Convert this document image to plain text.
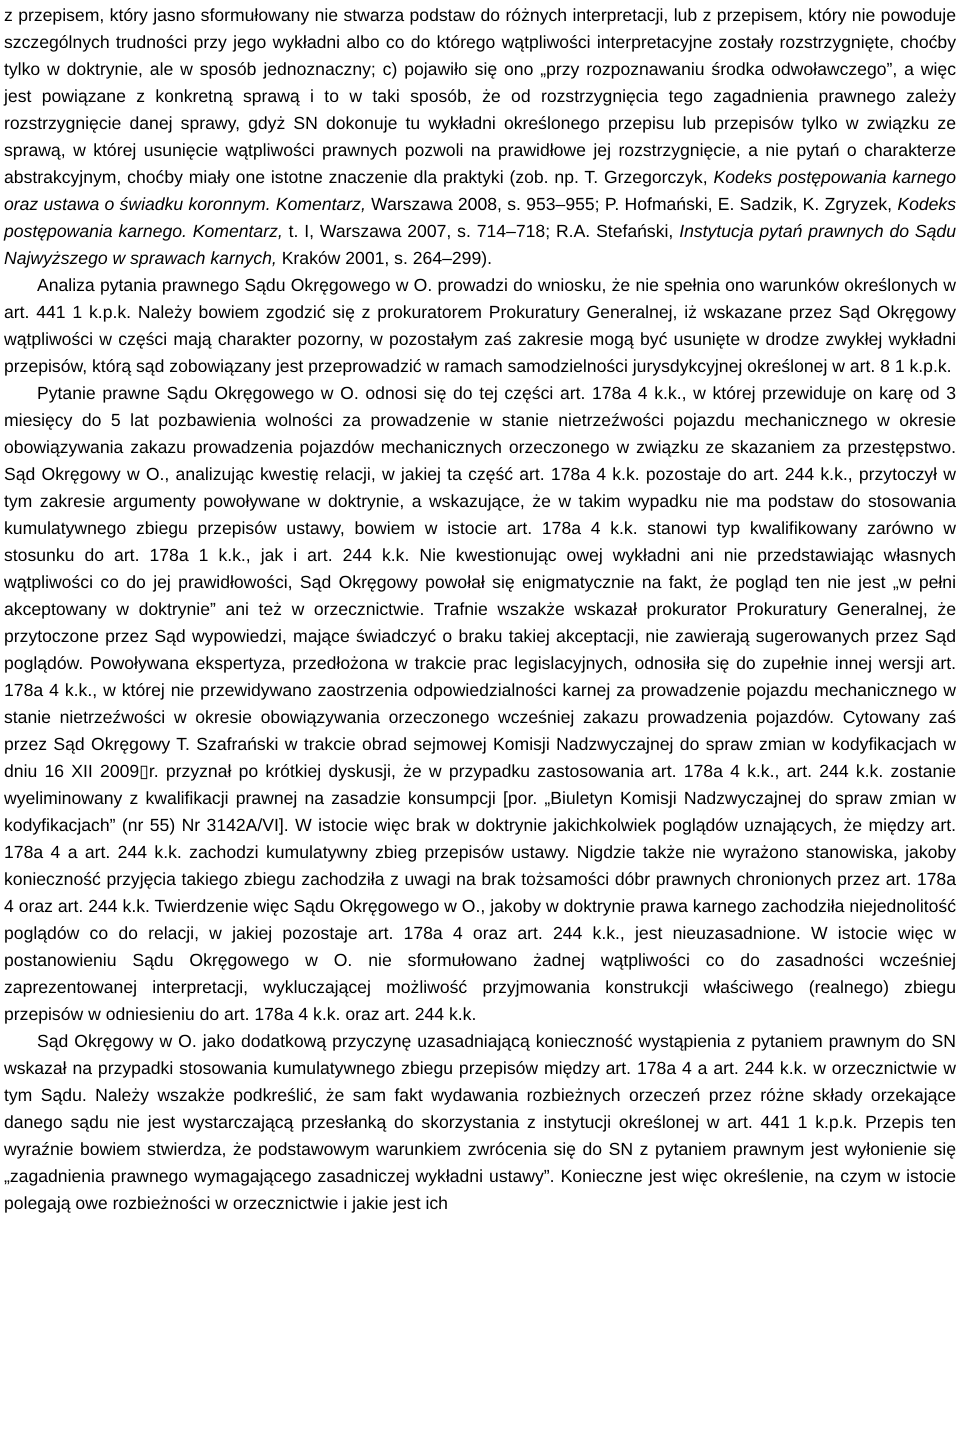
z przepisem, który jasno sformułowany nie stwarza podstaw do różnych interpretacji, lub z przepisem, który nie powoduje szczególnych trudności przy jego wykładni albo co do którego wątpliwości interpretacyjne zostały rozstrzygnięte, choćby tylko w doktrynie, ale w sposób jednoznaczny; c) pojawiło się ono „przy rozpoznawaniu środka odwoławczego”, a więc jest powiązane z konkretną sprawą i to w taki sposób, że od rozstrzygnięcia tego zagadnienia prawnego zależy rozstrzygnięcie danej sprawy, gdyż SN dokonuje tu wykładni określonego przepisu lub przepisów tylko w związku ze sprawą, w której usunięcie wątpliwości prawnych pozwoli na prawidłowe jej rozstrzygnięcie, a nie pytań o charakterze abstrakcyjnym, choćby miały one istotne znaczenie dla praktyki (zob. np. T. Grzegorczyk, Kodeks postępowania karnego oraz ustawa o świadku koronnym. Komentarz, Warszawa 2008, s. 953–955; P. Hofmański, E. Sadzik, K. Zgryzek, Kodeks postępowania karnego. Komentarz, t. I, Warszawa 2007, s. 714–718; R.A. Stefański, Instytucja pytań prawnych do Sądu Najwyższego w sprawach karnych, Kraków 2001, s. 264–299).

Analiza pytania prawnego Sądu Okręgowego w O. prowadzi do wniosku, że nie spełnia ono warunków określonych w art. 441 1 k.p.k. Należy bowiem zgodzić się z prokuratorem Prokuratury Generalnej, iż wskazane przez Sąd Okręgowy wątpliwości w części mają charakter pozorny, w pozostałym zaś zakresie mogą być usunięte w drodze zwykłej wykładni przepisów, którą sąd zobowiązany jest przeprowadzić w ramach samodzielności jurysdykcyjnej określonej w art. 8 1 k.p.k.

Pytanie prawne Sądu Okręgowego w O. odnosi się do tej części art. 178a 4 k.k., w której przewiduje on karę od 3 miesięcy do 5 lat pozbawienia wolności za prowadzenie w stanie nietrzeźwości pojazdu mechanicznego w okresie obowiązywania zakazu prowadzenia pojazdów mechanicznych orzeczonego w związku ze skazaniem za przestępstwo. Sąd Okręgowy w O., analizując kwestię relacji, w jakiej ta część art. 178a 4 k.k. pozostaje do art. 244 k.k., przytoczył w tym zakresie argumenty powoływane w doktrynie, a wskazujące, że w takim wypadku nie ma podstaw do stosowania kumulatywnego zbiegu przepisów ustawy, bowiem w istocie art. 178a 4 k.k. stanowi typ kwalifikowany zarówno w stosunku do art. 178a 1 k.k., jak i art. 244 k.k. Nie kwestionując owej wykładni ani nie przedstawiając własnych wątpliwości co do jej prawidłowości, Sąd Okręgowy powołał się enigmatycznie na fakt, że pogląd ten nie jest „w pełni akceptowany w doktrynie” ani też w orzecznictwie. Trafnie wszakże wskazał prokurator Prokuratury Generalnej, że przytoczone przez Sąd wypowiedzi, mające świadczyć o braku takiej akceptacji, nie zawierają sugerowanych przez Sąd poglądów. Powoływana ekspertyza, przedłożona w trakcie prac legislacyjnych, odnosiła się do zupełnie innej wersji art. 178a 4 k.k., w której nie przewidywano zaostrzenia odpowiedzialności karnej za prowadzenie pojazdu mechanicznego w stanie nietrzeźwości w okresie obowiązywania orzeczonego wcześniej zakazu prowadzenia pojazdów. Cytowany zaś przez Sąd Okręgowy T. Szafrański w trakcie obrad sejmowej Komisji Nadzwyczajnej do spraw zmian w kodyfikacjach w dniu 16 XII 2009▯r. przyznał po krótkiej dyskusji, że w przypadku zastosowania art. 178a 4 k.k., art. 244 k.k. zostanie wyeliminowany z kwalifikacji prawnej na zasadzie konsumpcji [por. „Biuletyn Komisji Nadzwyczajnej do spraw zmian w kodyfikacjach” (nr 55) Nr 3142A/VI]. W istocie więc brak w doktrynie jakichkolwiek poglądów uznających, że między art. 178a 4 a art. 244 k.k. zachodzi kumulatywny zbieg przepisów ustawy. Nigdzie także nie wyrażono stanowiska, jakoby konieczność przyjęcia takiego zbiegu zachodziła z uwagi na brak tożsamości dóbr prawnych chronionych przez art. 178a 4 oraz art. 244 k.k. Twierdzenie więc Sądu Okręgowego w O., jakoby w doktrynie prawa karnego zachodziła niejednolitość poglądów co do relacji, w jakiej pozostaje art. 178a 4 oraz art. 244 k.k., jest nieuzasadnione. W istocie więc w postanowieniu Sądu Okręgowego w O. nie sformułowano żadnej wątpliwości co do zasadności wcześniej zaprezentowanej interpretacji, wykluczającej możliwość przyjmowania konstrukcji właściwego (realnego) zbiegu przepisów w odniesieniu do art. 178a 4 k.k. oraz art. 244 k.k.

Sąd Okręgowy w O. jako dodatkową przyczynę uzasadniającą konieczność wystąpienia z pytaniem prawnym do SN wskazał na przypadki stosowania kumulatywnego zbiegu przepisów między art. 178a 4 a art. 244 k.k. w orzecznictwie w tym Sądu. Należy wszakże podkreślić, że sam fakt wydawania rozbieżnych orzeczeń przez różne składy orzekające danego sądu nie jest wystarczającą przesłanką do skorzystania z instytucji określonej w art. 441 1 k.p.k. Przepis ten wyraźnie bowiem stwierdza, że podstawowym warunkiem zwrócenia się do SN z pytaniem prawnym jest wyłonienie się „zagadnienia prawnego wymagającego zasadniczej wykładni ustawy”. Konieczne jest więc określenie, na czym w istocie polegają owe rozbieżności w orzecznictwie i jakie jest ich
